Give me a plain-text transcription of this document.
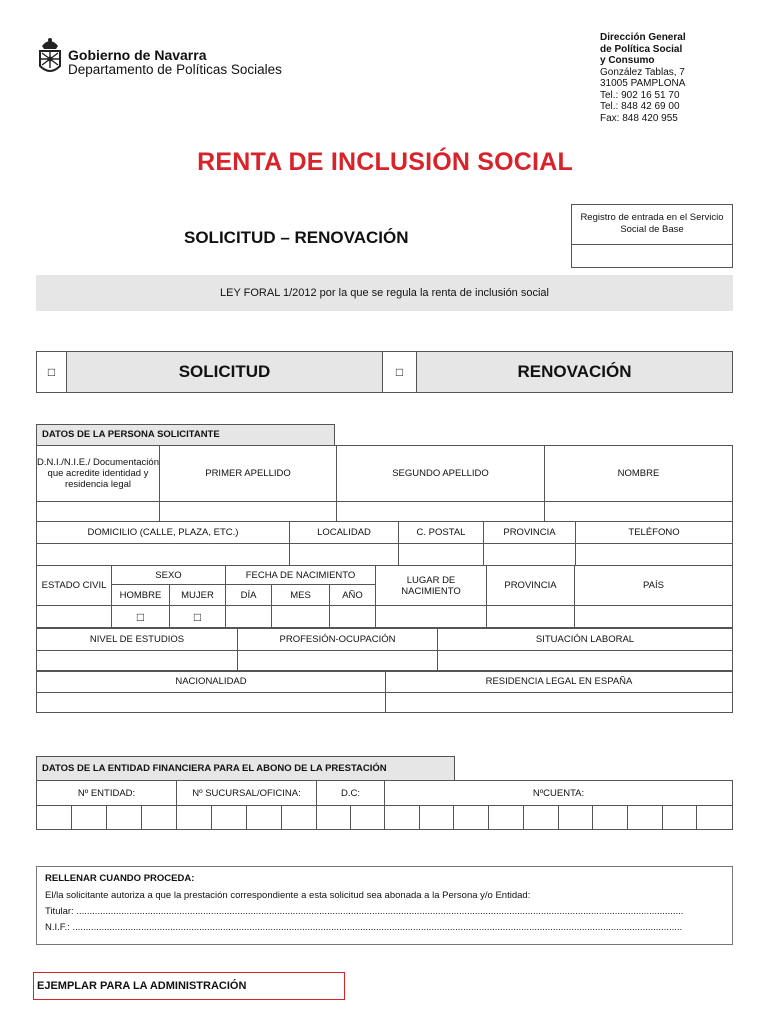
Gobierno de Navarra
Departamento de Políticas Sociales
Dirección General
de Política Social
y Consumo
González Tablas, 7
31005 PAMPLONA
Tel.: 902 16 51 70
Tel.: 848 42 69 00
Fax: 848 420 955
RENTA DE INCLUSIÓN SOCIAL
SOLICITUD – RENOVACIÓN
Registro de entrada en el Servicio Social de Base
LEY FORAL 1/2012 por la que se regula la renta de inclusión social
□	SOLICITUD	□	RENOVACIÓN
DATOS DE LA PERSONA SOLICITANTE
D.N.I./N.I.E./ Documentación que acredite identidad y residencia legal	PRIMER APELLIDO	SEGUNDO APELLIDO	NOMBRE

DOMICILIO (CALLE, PLAZA, ETC.)	LOCALIDAD	C. POSTAL	PROVINCIA	TELÉFONO

ESTADO CIVIL	SEXO		FECHA DE NACIMIENTO			LUGAR DE NACIMIENTO	PROVINCIA	PAÍS
	HOMBRE	MUJER	DÍA	MES	AÑO			
	□	□						
NIVEL DE ESTUDIOS	PROFESIÓN-OCUPACIÓN	SITUACIÓN LABORAL

NACIONALIDAD	RESIDENCIA LEGAL EN ESPAÑA

DATOS DE LA ENTIDAD FINANCIERA PARA EL ABONO DE LA PRESTACIÓN
Nº ENTIDAD:				Nº SUCURSAL/OFICINA:				D.C:		NºCUENTA:									

RELLENAR CUANDO PROCEDA:
El/la solicitante autoriza a que la prestación correspondiente a esta solicitud sea abonada a la Persona y/o Entidad:
Titular: ......................................................................................................................................................................................................................................
N.I.F.: .......................................................................................................................................................................................................................................
EJEMPLAR PARA LA ADMINISTRACIÓN
